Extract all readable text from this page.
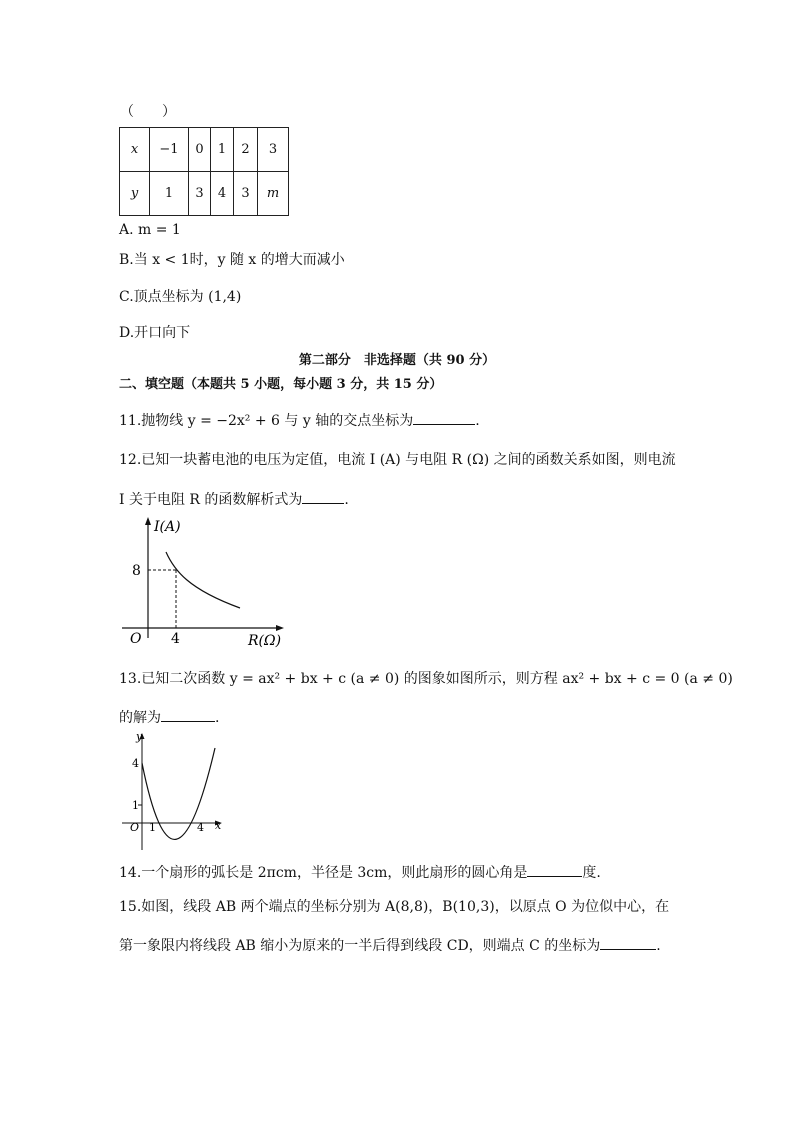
（　　）
x	−1	0	1	2	3
y	1	3	4	3	m
A. m = 1
B.当 x < 1时，y 随 x 的增大而减小
C.顶点坐标为 (1,4)
D.开口向下
第二部分　非选择题（共 90 分）
二、填空题（本题共 5 小题，每小题 3 分，共 15 分）
11.抛物线 y = −2x² + 6 与 y 轴的交点坐标为	.
12.已知一块蓄电池的电压为定值，电流 I (A) 与电阻 R (Ω) 之间的函数关系如图，则电流
I 关于电阻 R 的函数解析式为	.
I(A)
8
4
O	R(Ω)
13.已知二次函数 y = ax² + bx + c (a ≠ 0) 的图象如图所示，则方程 ax² + bx + c = 0 (a ≠ 0)
的解为	.
y
4
1
O 1	4 x
14.一个扇形的弧长是 2πcm，半径是 3cm，则此扇形的圆心角是	度.
15.如图，线段 AB 两个端点的坐标分别为 A(8,8)，B(10,3)，以原点 O 为位似中心，在
第一象限内将线段 AB 缩小为原来的一半后得到线段 CD，则端点 C 的坐标为	.
